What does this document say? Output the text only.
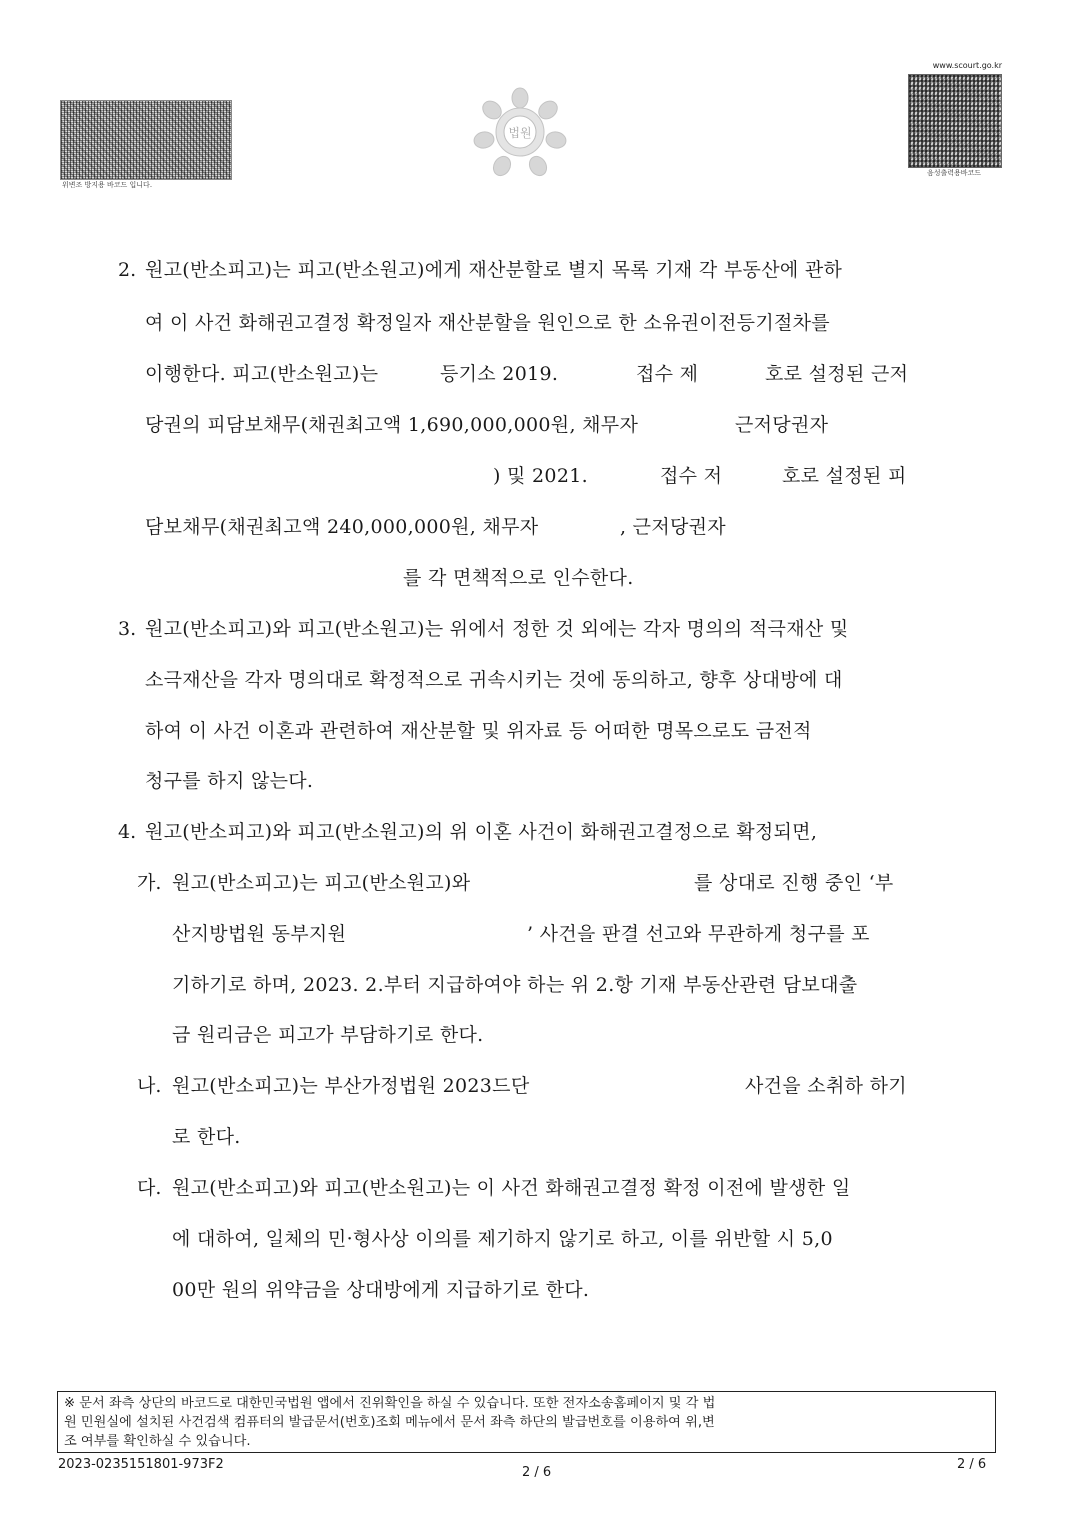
위변조 방지용 바코드 입니다.
법원
www.scourt.go.kr
음성출력용바코드
2. 원고(반소피고)는 피고(반소원고)에게 재산분할로 별지 목록 기재 각 부동산에 관하
여 이 사건 화해권고결정 확정일자 재산분할을 원인으로 한 소유권이전등기절차를
이행한다. 피고(반소원고)는	등기소 2019.	접수 제	호로 설정된 근저
당권의 피담보채무(채권최고액 1,690,000,000원, 채무자	근저당권자
) 및 2021.	접수 저	호로 설정된 피
담보채무(채권최고액 240,000,000원, 채무자	, 근저당권자
를 각 면책적으로 인수한다.
3. 원고(반소피고)와 피고(반소원고)는 위에서 정한 것 외에는 각자 명의의 적극재산 및
소극재산을 각자 명의대로 확정적으로 귀속시키는 것에 동의하고, 향후 상대방에 대
하여 이 사건 이혼과 관련하여 재산분할 및 위자료 등 어떠한 명목으로도 금전적
청구를 하지 않는다.
4. 원고(반소피고)와 피고(반소원고)의 위 이혼 사건이 화해권고결정으로 확정되면,
가. 원고(반소피고)는 피고(반소원고)와	를 상대로 진행 중인 ‘부
산지방법원 동부지원	’ 사건을 판결 선고와 무관하게 청구를 포
기하기로 하며, 2023. 2.부터 지급하여야 하는 위 2.항 기재 부동산관련 담보대출
금 원리금은 피고가 부담하기로 한다.
나. 원고(반소피고)는 부산가정법원 2023드단	사건을 소취하 하기
로 한다.
다. 원고(반소피고)와 피고(반소원고)는 이 사건 화해권고결정 확정 이전에 발생한 일
에 대하여, 일체의 민·형사상 이의를 제기하지 않기로 하고, 이를 위반할 시 5,0
00만 원의 위약금을 상대방에게 지급하기로 한다.
※ 문서 좌측 상단의 바코드로 대한민국법원 앱에서 진위확인을 하실 수 있습니다. 또한 전자소송홈페이지 및 각 법
원 민원실에 설치된 사건검색 컴퓨터의 발급문서(번호)조회 메뉴에서 문서 좌측 하단의 발급번호를 이용하여 위,변
조 여부를 확인하실 수 있습니다.
2023-0235151801-973F2
2 / 6
2 / 6
